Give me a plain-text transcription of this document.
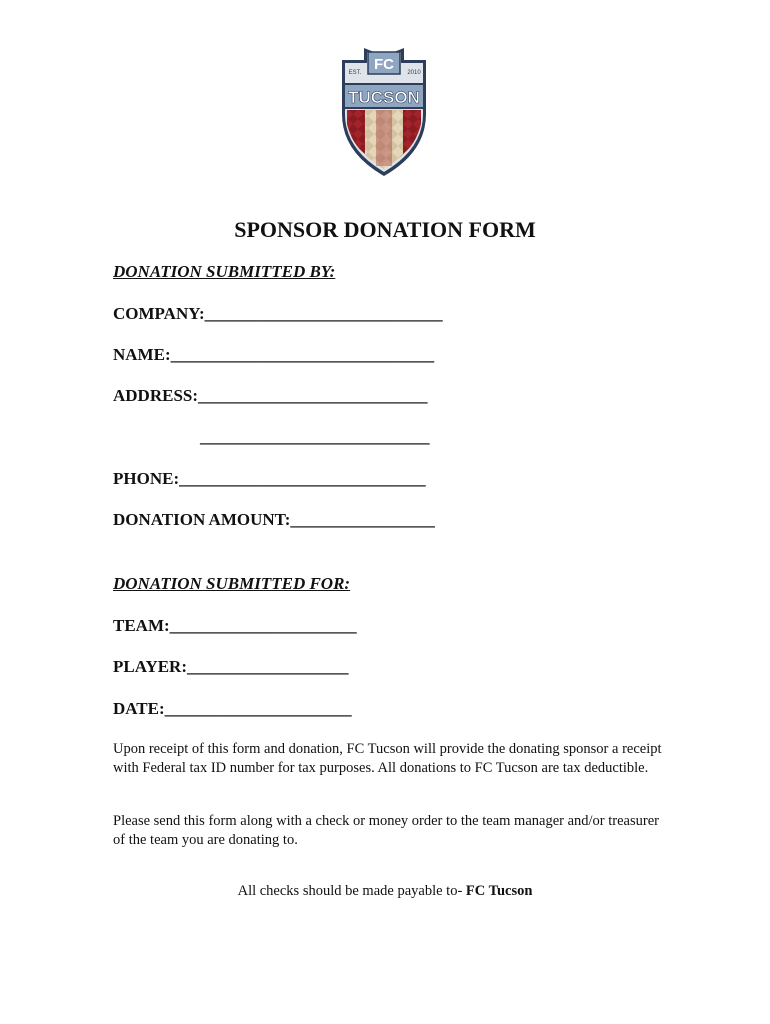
FC
EST.	2010
TUCSON
SPONSOR DONATION FORM
DONATION SUBMITTED BY:
COMPANY:____________________________
NAME:_______________________________
ADDRESS:___________________________
___________________________
PHONE:_____________________________
DONATION AMOUNT:_________________
DONATION SUBMITTED FOR:
TEAM:______________________
PLAYER:___________________
DATE:______________________
Upon receipt of this form and donation, FC Tucson will provide the donating sponsor a receipt with Federal tax ID number for tax purposes. All donations to FC Tucson are tax deductible.
Please send this form along with a check or money order to the team manager and/or treasurer of the team you are donating to.
All checks should be made payable to- FC Tucson
